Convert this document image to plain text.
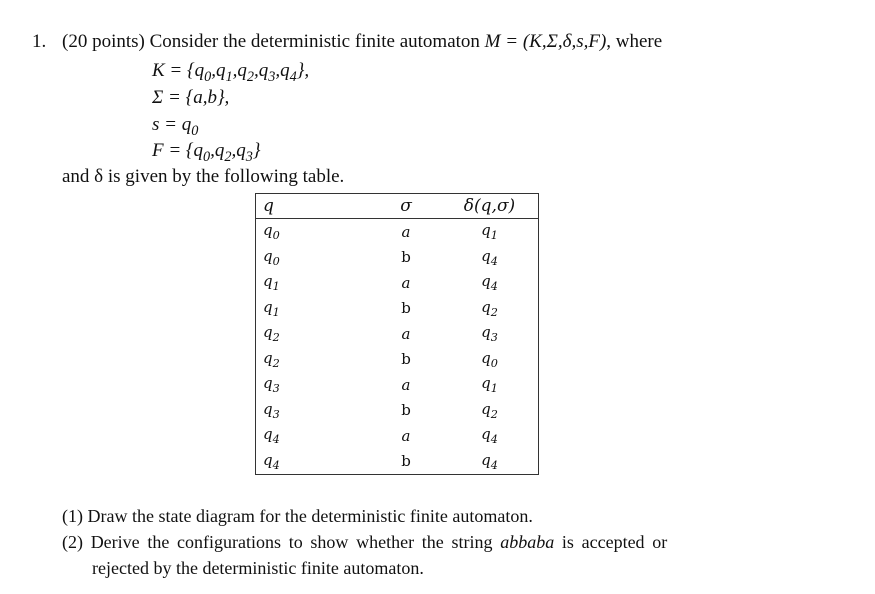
1. (20 points) Consider the deterministic finite automaton M = (K,Σ,δ,s,F), where
$K = \{q_0,q_1,q_2,q_3,q_4\}$,
Σ = {a,b},
$s = q_0$
$F = \{q_0,q_2,q_3\}$
and δ is given by the following table.
q	σ	δ(q,σ)
$q_0$	a	$q_1$
$q_0$	b	$q_4$
$q_1$	a	$q_4$
$q_1$	b	$q_2$
$q_2$	a	$q_3$
$q_2$	b	$q_0$
$q_3$	a	$q_1$
$q_3$	b	$q_2$
$q_4$	a	$q_4$
$q_4$	b	$q_4$
(1) Draw the state diagram for the deterministic finite automaton.
(2) Derive the configurations to show whether the string abbaba is accepted or
rejected by the deterministic finite automaton.
